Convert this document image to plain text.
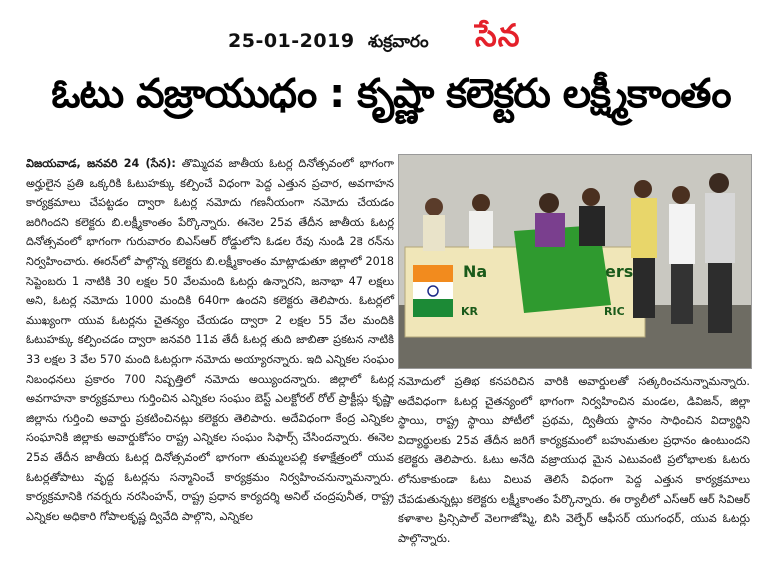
25-01-2019 శుక్రవారం సేన
ఓటు వజ్రాయుధం : కృష్ణా కలెక్టరు లక్ష్మీకాంతం

విజయవాడ, జనవరి 24 (సేన): తొమ్మిదవ జాతీయ ఓటర్ల దినోత్సవంలో భాగంగా అర్హులైన ప్రతి ఒక్కరికి ఓటుహక్కు కల్పించే విధంగా పెద్ద ఎత్తున ప్రచార, అవగాహన కార్యక్రమాలు చేపట్టడం ద్వారా ఓటర్ల నమోదు గణనీయంగా నమోదు చేయడం జరిగిందని కలెక్టరు బి.లక్ష్మీకాంతం పేర్కొన్నారు. ఈనెల 25వ తేదీన జాతీయ ఓటర్ల దినోత్సవంలో భాగంగా గురువారం బిఎస్‌ఆర్ రోడ్డులోని ఓడల రేవు నుండి 2కె రన్‌ను నిర్వహించారు. ఈరన్‌లో పాల్గొన్న కలెక్టరు బి.లక్ష్మీకాంతం మాట్లాడుతూ జిల్లాలో 2018 సెప్టెంబరు 1 నాటికి 30 లక్షల 50 వేలమంది ఓటర్లు ఉన్నారని, జనాభా 47 లక్షలు అని, ఓటర్ల నమోదు 1000 మందికి 640గా ఉందని కలెక్టరు తెలిపారు. ఓటర్లలో ముఖ్యంగా యువ ఓటర్లను చైతన్యం చేయడం ద్వారా 2 లక్షల 55 వేల మందికి ఓటుహక్కు కల్పించడం ద్వారా జనవరి 11వ తేదీ ఓటర్ల తుది జాబితా ప్రకటన నాటికి 33 లక్షల 3 వేల 570 మంది ఓటర్లుగా నమోదు అయ్యారన్నారు. ఇది ఎన్నికల సంఘం నిబంధనలు ప్రకారం 700 నిష్పత్తిలో నమోదు అయ్యిందన్నారు. జిల్లాలో ఓటర్ల అవగాహనా కార్యక్రమాలు గుర్తించిన ఎన్నికల సంఘం బెస్ట్ ఎలక్టోరల్ రోల్ ప్రాక్టీస్లు కృష్ణా జిల్లాను గుర్తించి అవార్డు ప్రకటించినట్లు కలెక్టరు తెలిపారు. అదేవిధంగా కేంద్ర ఎన్నికల సంఘానికి జిల్లాకు అవార్డుకోసం రాష్ట్ర ఎన్నికల సంఘం సిఫార్స్ చేసిందన్నారు. ఈనెల 25వ తేదీన జాతీయ ఓటర్ల దినోత్సవంలో భాగంగా తుమ్మలపల్లి కళాక్షేత్రంలో యువ ఓటర్లతోపాటు వృద్ద ఓటర్లను సన్మానించే కార్యక్రమం నిర్వహించనున్నామన్నారు. కార్యక్రమానికి గవర్నరు నరసింహన్, రాష్ట్ర ప్రధాన కార్యదర్శి అనిల్ చంద్రపునీత, రాష్ట్ర ఎన్నికల అధికారి గోపాలకృష్ణ ద్వివేది పాల్గొని, ఎన్నికల

Na	ers
KR	RIC

నమోదులో ప్రతిభ కనపరిచిన వారికి అవార్డులతో సత్కరించనున్నామన్నారు. అదేవిధంగా ఓటర్ల చైతన్యంలో భాగంగా నిర్వహించిన మండల, డివిజన్, జిల్లా స్థాయి, రాష్ట్ర స్థాయి పోటీలో ప్రథమ, ద్వితీయ స్థానం సాధించిన విద్యార్థిని విద్యార్థులకు 25వ తేదీన జరిగే కార్యక్రమంలో బహుమతుల ప్రధానం ఉంటుందని కలెక్టరు తెలిపారు. ఓటు అనేది వజ్రాయుధ మైన ఎటువంటి ప్రలోభాలకు ఓటరు లోనుకాకుండా ఓటు విలువ తెలిసే విధంగా పెద్ద ఎత్తున కార్యక్రమాలు చేపడుతున్నట్లు కలెక్టరు లక్ష్మీకాంతం పేర్కొన్నారు. ఈ ర్యాలీలో ఎస్‌ఆర్ ఆర్ సివిఆర్ కళాశాల ప్రిన్సిపాల్ వెలగాజోష్మి, బిసి వెల్ఫేర్ ఆఫీసర్ యుగంధర్, యువ ఓటర్లు పాల్గొన్నారు.
